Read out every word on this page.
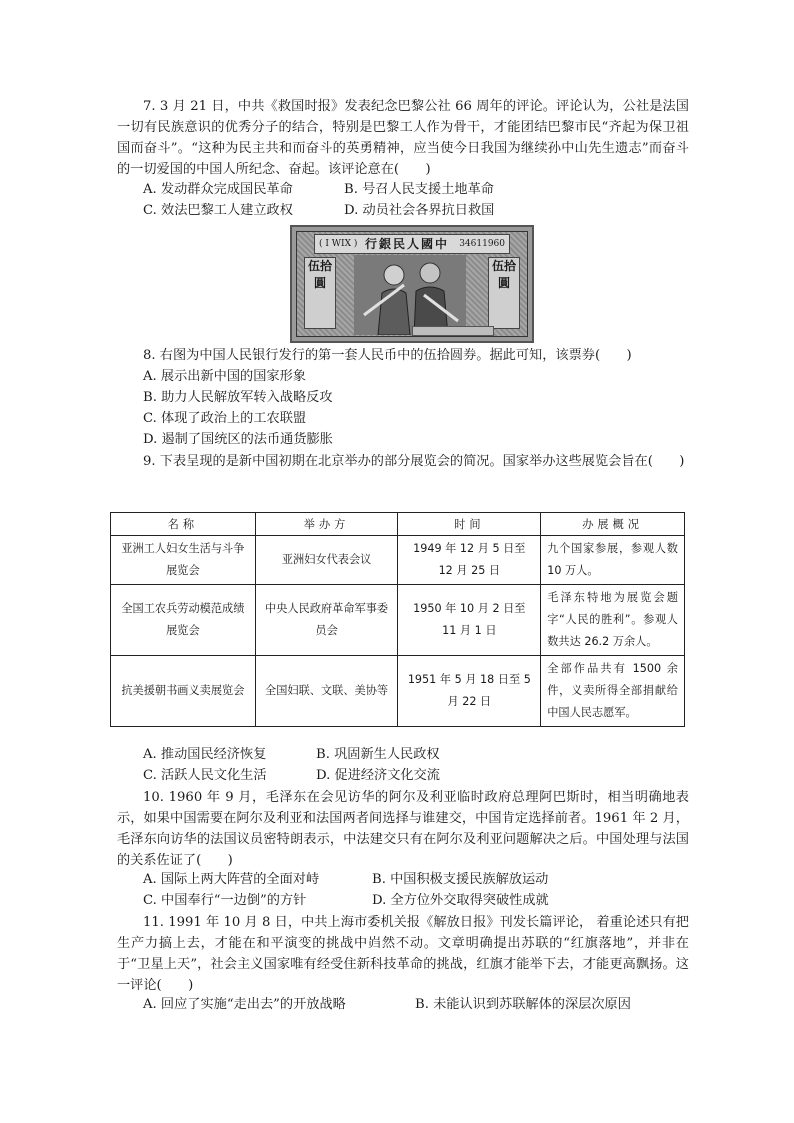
7. 3 月 21 日，中共《救国时报》发表纪念巴黎公社 66 周年的评论。评论认为，公社是法国一切有民族意识的优秀分子的结合，特别是巴黎工人作为骨干，才能团结巴黎市民“齐起为保卫祖国而奋斗”。“这种为民主共和而奋斗的英勇精神，应当使今日我国为继续孙中山先生遗志”而奋斗的一切爱国的中国人所纪念、奋起。该评论意在(　　)
A. 发动群众完成国民革命	B. 号召人民支援土地革命
C. 效法巴黎工人建立政权	D. 动员社会各界抗日救国
( I WIX ) 行銀民人國中 34611960
伍拾圓
伍拾圓
8. 右图为中国人民银行发行的第一套人民币中的伍拾圆券。据此可知，该票券(　　)
A. 展示出新中国的国家形象
B. 助力人民解放军转入战略反攻
C. 体现了政治上的工农联盟
D. 遏制了国统区的法币通货膨胀
9. 下表呈现的是新中国初期在北京举办的部分展览会的简况。国家举办这些展览会旨在(　　)
名称	举办方	时间	办展概况
亚洲工人妇女生活与斗争展览会	亚洲妇女代表会议	1949 年 12 月 5 日至 12 月 25 日	九个国家参展，参观人数 10 万人。
全国工农兵劳动模范成绩展览会	中央人民政府革命军事委员会	1950 年 10 月 2 日至 11 月 1 日	毛泽东特地为展览会题字“人民的胜利”。参观人数共达 26.2 万余人。
抗美援朝书画义卖展览会	全国妇联、文联、美协等	1951 年 5 月 18 日至 5 月 22 日	全部作品共有 1500 余件，义卖所得全部捐献给中国人民志愿军。
A. 推动国民经济恢复	B. 巩固新生人民政权
C. 活跃人民文化生活	D. 促进经济文化交流
10. 1960 年 9 月，毛泽东在会见访华的阿尔及利亚临时政府总理阿巴斯时，相当明确地表示，如果中国需要在阿尔及利亚和法国两者间选择与谁建交，中国肯定选择前者。1961 年 2 月，毛泽东向访华的法国议员密特朗表示，中法建交只有在阿尔及利亚问题解决之后。中国处理与法国的关系佐证了(　　)
A. 国际上两大阵营的全面对峙	B. 中国积极支援民族解放运动
C. 中国奉行“一边倒”的方针	D. 全方位外交取得突破性成就
11. 1991 年 10 月 8 日，中共上海市委机关报《解放日报》刊发长篇评论， 着重论述只有把生产力搞上去，才能在和平演变的挑战中岿然不动。文章明确提出苏联的“红旗落地”，并非在于“卫星上天”，社会主义国家唯有经受住新科技革命的挑战，红旗才能举下去，才能更高飘扬。这一评论(　　)
A. 回应了实施“走出去”的开放战略	B. 未能认识到苏联解体的深层次原因
